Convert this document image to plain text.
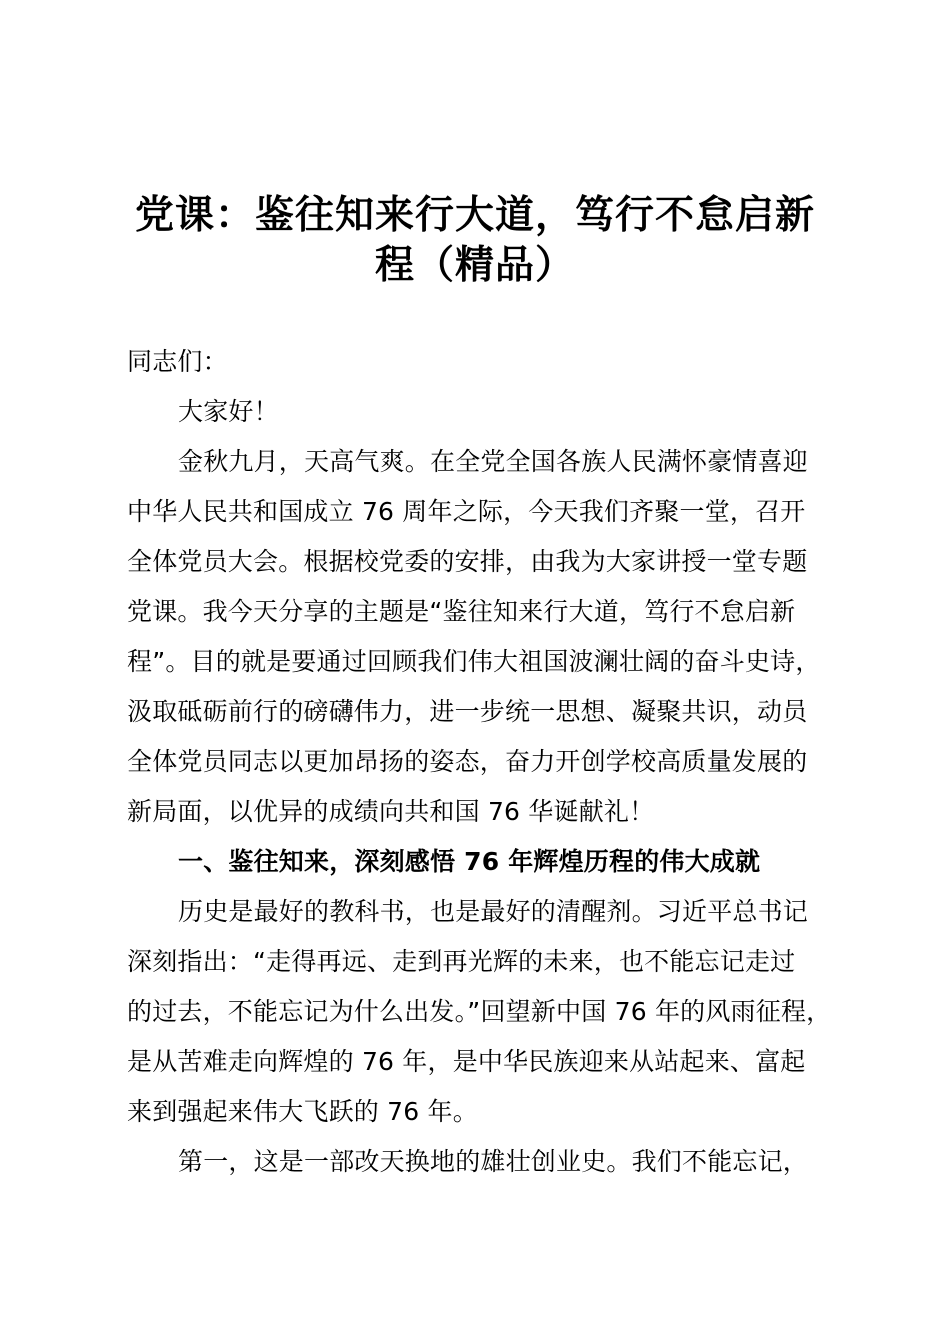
党课：鉴往知来行大道，笃行不怠启新
程（精品）
同志们：
大家好！
金秋九月，天高气爽。在全党全国各族人民满怀豪情喜迎
中华人民共和国成立 76 周年之际，今天我们齐聚一堂，召开
全体党员大会。根据校党委的安排，由我为大家讲授一堂专题
党课。我今天分享的主题是“鉴往知来行大道，笃行不怠启新
程”。目的就是要通过回顾我们伟大祖国波澜壮阔的奋斗史诗，
汲取砥砺前行的磅礴伟力，进一步统一思想、凝聚共识，动员
全体党员同志以更加昂扬的姿态，奋力开创学校高质量发展的
新局面，以优异的成绩向共和国 76 华诞献礼！
一、鉴往知来，深刻感悟 76 年辉煌历程的伟大成就
历史是最好的教科书，也是最好的清醒剂。习近平总书记
深刻指出：“走得再远、走到再光辉的未来，也不能忘记走过
的过去，不能忘记为什么出发。”回望新中国 76 年的风雨征程，
是从苦难走向辉煌的 76 年，是中华民族迎来从站起来、富起
来到强起来伟大飞跃的 76 年。
第一，这是一部改天换地的雄壮创业史。我们不能忘记，
